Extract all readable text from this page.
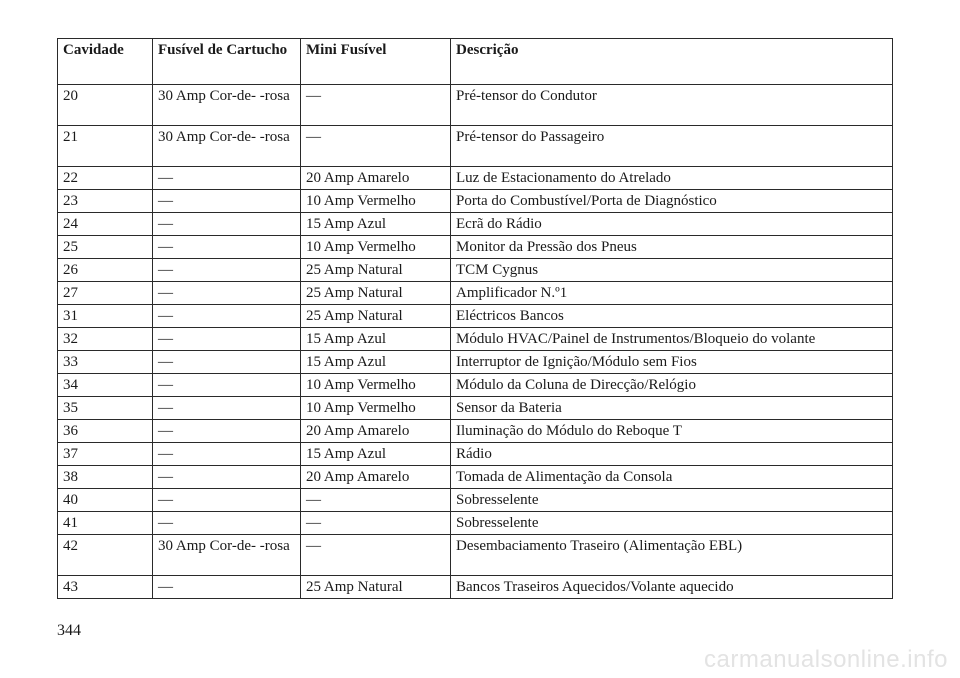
Cavidade	Fusível de Cartucho	Mini Fusível	Descrição
20	30 Amp Cor-de- -rosa	—	Pré-tensor do Condutor
21	30 Amp Cor-de- -rosa	—	Pré-tensor do Passageiro
22	—	20 Amp Amarelo	Luz de Estacionamento do Atrelado
23	—	10 Amp Vermelho	Porta do Combustível/Porta de Diagnóstico
24	—	15 Amp Azul	Ecrã do Rádio
25	—	10 Amp Vermelho	Monitor da Pressão dos Pneus
26	—	25 Amp Natural	TCM Cygnus
27	—	25 Amp Natural	Amplificador N.º1
31	—	25 Amp Natural	Eléctricos Bancos
32	—	15 Amp Azul	Módulo HVAC/Painel de Instrumentos/Bloqueio do volante
33	—	15 Amp Azul	Interruptor de Ignição/Módulo sem Fios
34	—	10 Amp Vermelho	Módulo da Coluna de Direcção/Relógio
35	—	10 Amp Vermelho	Sensor da Bateria
36	—	20 Amp Amarelo	Iluminação do Módulo do Reboque T
37	—	15 Amp Azul	Rádio
38	—	20 Amp Amarelo	Tomada de Alimentação da Consola
40	—	—	Sobresselente
41	—	—	Sobresselente
42	30 Amp Cor-de- -rosa	—	Desembaciamento Traseiro (Alimentação EBL)
43	—	25 Amp Natural	Bancos Traseiros Aquecidos/Volante aquecido
344
carmanualsonline.info
